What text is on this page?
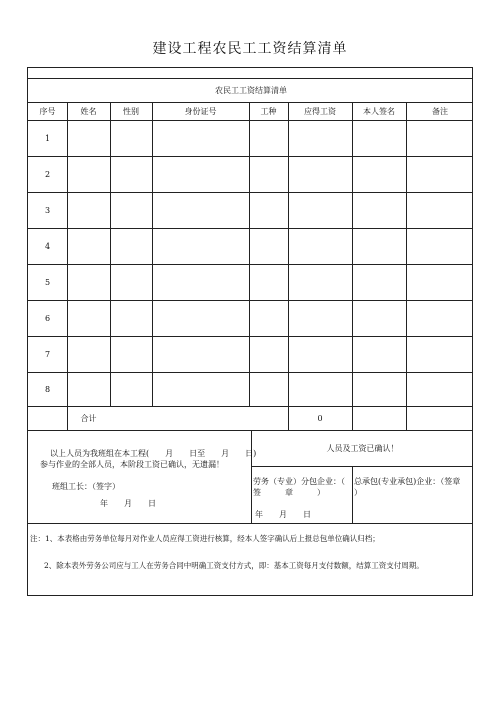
建设工程农民工工资结算清单
农民工工资结算清单
序号	姓名	性别	身份证号	工种	应得工资	本人签名	备注
1
2
3
4
5
6
7
8
合计	0
以上人员为我班组在本工程(　　月　　日至　　月　　日)
参与作业的全部人员，本阶段工资已确认，无遗漏！
班组工长：（签字）
年　　月　　日
人员及工资已确认！
劳务（专业）分包企业：（
签　　　章　　　）
年　　月　　日
总承包(专业承包)企业：（签章
）
注：1、本表格由劳务单位每月对作业人员应得工资进行核算，经本人签字确认后上报总包单位确认归档；
2、除本表外劳务公司应与工人在劳务合同中明确工资支付方式，即：基本工资每月支付数额，结算工资支付周期。
